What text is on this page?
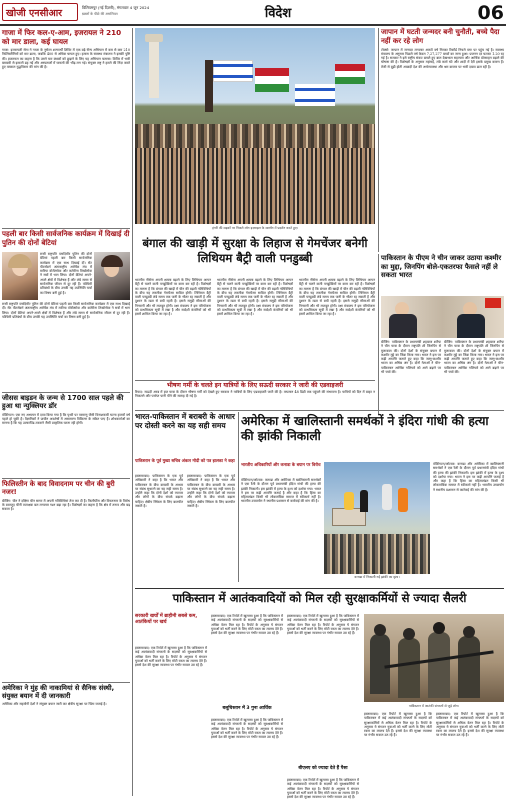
खोजी एनसीआर
विलियमपुर (नई दिल्ली), मंगलवार 4 जून 2024
ख़बरों के पीछे की असलियत	विदेश	06
गाजा में फिर कल-ए-आम, इजरायल ने 210 को मार डाला, कई घायल
गाजा: इजरायली सेना ने गाजा के नुसेरत शरणार्थी शिविर में एक बड़े सैन्य अभियान में कम से कम 210 फिलिस्तीनियों को मार डाला, जबकि 400 से अधिक घायल हुए। हमास के स्वास्थ्य मंत्रालय ने इसकी पुष्टि की। इजरायल का कहना है कि उसने चार बंधकों को छुड़ाने के लिए यह अभियान चलाया। शिविर में भारी बमबारी से इमारतें ढह गईं और अस्पतालों में घायलों की भीड़ लग गई। संयुक्त राष्ट्र ने हमले की निंदा करते हुए तत्काल युद्धविराम की मांग की है।
पहली बार किसी सार्वजनिक कार्यक्रम में दिखाई दी पुतिन की दोनों बेटियां
रूसी राष्ट्रपति व्लादिमीर पुतिन की दोनों बेटियां पहली बार किसी सार्वजनिक कार्यक्रम में एक साथ दिखाई दीं। सेंट पीटर्सबर्ग अंतरराष्ट्रीय आर्थिक मंच में मारिया वोरोंत्सोवा और कतेरीना तिखोनोवा ने सत्रों में भाग लिया। दोनों बेटियां अपने-अपने क्षेत्रों में विशेषज्ञ हैं और लंबे समय से सार्वजनिक जीवन से दूर रही हैं। पश्चिमी प्रतिबंधों के बीच उनकी यह उपस्थिति चर्चा का विषय बनी हुई है।
रूसी राष्ट्रपति व्लादिमीर पुतिन की दोनों बेटियां पहली बार किसी सार्वजनिक कार्यक्रम में एक साथ दिखाई दीं। सेंट पीटर्सबर्ग अंतरराष्ट्रीय आर्थिक मंच में मारिया वोरोंत्सोवा और कतेरीना तिखोनोवा ने सत्रों में भाग लिया। दोनों बेटियां अपने-अपने क्षेत्रों में विशेषज्ञ हैं और लंबे समय से सार्वजनिक जीवन से दूर रही हैं। पश्चिमी प्रतिबंधों के बीच उनकी यह उपस्थिति चर्चा का विषय बनी हुई है।
जीसस बाइडन के जन्म से 1700 साल पहले की हुआ था न्युक्लियर डॉर
वॉशिंगटन: एक नए अध्ययन में दावा किया गया है कि पृथ्वी पर परमाणु जैसी विनाशकारी घटना हजारों वर्ष पहले हो चुकी है। वैज्ञानिकों ने प्राचीन अवशेषों में असामान्य विकिरण के संकेत पाए हैं। शोधकर्ताओं का मानना है कि यह उल्कापिंड टकराने जैसी प्राकृतिक घटना रही होगी।
फिलिस्तीन के बाद विवादनाम पर चीन की बुरी नजर!
बीजिंग: चीन ने दक्षिण चीन सागर में अपनी गतिविधियां तेज कर दी हैं। फिलीपींस और वियतनाम के विरोध के बावजूद चीनी तटरक्षक बल लगातार गश्त बढ़ा रहा है। विशेषज्ञों का कहना है कि क्षेत्र में तनाव और बढ़ सकता है।
अमेरिका ने मुंह की नाकामियां से सैनिक संस्थी, संयुक्त बयान में दी जानकारी
अमेरिका और सहयोगी देशों ने संयुक्त बयान जारी कर क्षेत्रीय सुरक्षा पर चिंता जताई है।
हंगरी की सड़कों पर निकले लोग इज़राइल के समर्थन में प्रदर्शन करते हुए।
जापान में घटती जन्मदर बनी चुनौती, बच्चे पैदा नहीं कर रहे लोग
टोक्यो: जापान में जन्मदर लगातार आठवें वर्ष गिरकर रिकॉर्ड निचले स्तर पर पहुंच गई है। स्वास्थ्य मंत्रालय के अनुसार पिछले वर्ष केवल 7,27,277 बच्चों का जन्म हुआ। प्रजनन दर घटकर 1.20 रह गई है। सरकार ने इसे राष्ट्रीय संकट बताते हुए बाल देखभाल सहायता और आर्थिक प्रोत्साहन बढ़ाने की घोषणा की है। विशेषज्ञों के अनुसार महंगाई, लंबे कार्य घंटे और शादी में देरी इसके प्रमुख कारण हैं। तेजी से बूढ़ी होती आबादी देश की अर्थव्यवस्था और श्रम बाजार पर भारी दबाव डाल रही है।
बंगाल की खाड़ी में सुरक्षा के लिहाज से गेमचेंजर बनेगी लिथियम बैट्री वाली पनडुब्बी
भारतीय नौसेना अपनी क्षमता बढ़ाने के लिए लिथियम आयन बैट्री से चलने वाली पनडुब्बियों पर काम कर रही है। विशेषज्ञों का मानना है कि बंगाल की खाड़ी में चीन की बढ़ती गतिविधियों के बीच यह तकनीक गेमचेंजर साबित होगी। लिथियम बैट्री वाली पनडुब्बी लंबे समय तक पानी के भीतर रह सकती है और दुश्मन के रडार से बची रहती है। इससे समुद्री सीमाओं की निगरानी और भी मजबूत होगी। रक्षा मंत्रालय ने इस परियोजना को प्राथमिकता सूची में रखा है और स्वदेशी कंपनियों को भी इसमें शामिल किया जा रहा है।
भारतीय नौसेना अपनी क्षमता बढ़ाने के लिए लिथियम आयन बैट्री से चलने वाली पनडुब्बियों पर काम कर रही है। विशेषज्ञों का मानना है कि बंगाल की खाड़ी में चीन की बढ़ती गतिविधियों के बीच यह तकनीक गेमचेंजर साबित होगी। लिथियम बैट्री वाली पनडुब्बी लंबे समय तक पानी के भीतर रह सकती है और दुश्मन के रडार से बची रहती है। इससे समुद्री सीमाओं की निगरानी और भी मजबूत होगी। रक्षा मंत्रालय ने इस परियोजना को प्राथमिकता सूची में रखा है और स्वदेशी कंपनियों को भी इसमें शामिल किया जा रहा है।
भारतीय नौसेना अपनी क्षमता बढ़ाने के लिए लिथियम आयन बैट्री से चलने वाली पनडुब्बियों पर काम कर रही है। विशेषज्ञों का मानना है कि बंगाल की खाड़ी में चीन की बढ़ती गतिविधियों के बीच यह तकनीक गेमचेंजर साबित होगी। लिथियम बैट्री वाली पनडुब्बी लंबे समय तक पानी के भीतर रह सकती है और दुश्मन के रडार से बची रहती है। इससे समुद्री सीमाओं की निगरानी और भी मजबूत होगी। रक्षा मंत्रालय ने इस परियोजना को प्राथमिकता सूची में रखा है और स्वदेशी कंपनियों को भी इसमें शामिल किया जा रहा है।
भीषण गर्मी के चलते इन यात्रियों के लिए सऊदी सरकार ने जारी की एडवाइजरी
रियाद: सऊदी अरब में हज यात्रा के दौरान भीषण गर्मी को देखते हुए सरकार ने यात्रियों के लिए एडवाइजरी जारी की है। तापमान 48 डिग्री तक पहुंचने की संभावना है। यात्रियों को दिन में बाहर न निकलने और पर्याप्त पानी पीने की सलाह दी गई है।
पाकिस्तान के पीएम ने चीन जाकर उठाया कश्मीर का मुद्दा, जिनपिंग बोले-एकतरफा फैसले नहीं ले सकता भारत
बीजिंग: पाकिस्तान के प्रधानमंत्री शहबाज शरीफ ने चीन यात्रा के दौरान राष्ट्रपति शी जिनपिंग से मुलाकात की। दोनों देशों के संयुक्त बयान में कश्मीर मुद्दे का जिक्र किया गया। भारत ने इस पर कड़ी आपत्ति जताते हुए कहा कि जम्मू-कश्मीर भारत का अभिन्न अंग है। दोनों नेताओं ने चीन-पाकिस्तान आर्थिक गलियारे को आगे बढ़ाने पर भी चर्चा की।
बीजिंग: पाकिस्तान के प्रधानमंत्री शहबाज शरीफ ने चीन यात्रा के दौरान राष्ट्रपति शी जिनपिंग से मुलाकात की। दोनों देशों के संयुक्त बयान में कश्मीर मुद्दे का जिक्र किया गया। भारत ने इस पर कड़ी आपत्ति जताते हुए कहा कि जम्मू-कश्मीर भारत का अभिन्न अंग है। दोनों नेताओं ने चीन-पाकिस्तान आर्थिक गलियारे को आगे बढ़ाने पर भी चर्चा की।
भारत-पाकिस्तान में बराबरी के आधार पर दोस्ती करने का यह सही समय
पाकिस्तान के पूर्व मुख्य सचिव अंकल मोदी को पत्र झलका ने कहा
इस्लामाबाद: पाकिस्तान के एक पूर्व अधिकारी ने कहा है कि भारत और पाकिस्तान के बीच बराबरी के आधार पर संबंध सुधारने का यह सही समय है। उन्होंने कहा कि दोनों देशों को व्यापार और लोगों के बीच संपर्क बढ़ाना चाहिए। क्षेत्रीय स्थिरता के लिए बातचीत जरूरी है।
इस्लामाबाद: पाकिस्तान के एक पूर्व अधिकारी ने कहा है कि भारत और पाकिस्तान के बीच बराबरी के आधार पर संबंध सुधारने का यह सही समय है। उन्होंने कहा कि दोनों देशों को व्यापार और लोगों के बीच संपर्क बढ़ाना चाहिए। क्षेत्रीय स्थिरता के लिए बातचीत जरूरी है।
अमेरिका में खालिस्तानी समर्थकों ने इंदिरा गांधी की हत्या की झांकी निकाली
भारतीय अधिकारियों और कनाडा के बयान पर विरोध
वॉशिंगटन/ओटावा: कनाडा और अमेरिका में खालिस्तानी समर्थकों ने एक रैली के दौरान पूर्व प्रधानमंत्री इंदिरा गांधी की हत्या की झांकी निकाली। इस झांकी में हत्या के दृश्य को दर्शाया गया। भारत ने इस पर कड़ी आपत्ति जताई है और कहा है कि हिंसा का महिमामंडन किसी भी लोकतांत्रिक समाज में स्वीकार्य नहीं है। भारतीय उच्चायोग ने स्थानीय प्रशासन से कार्रवाई की मांग की है।
वॉशिंगटन/ओटावा: कनाडा और अमेरिका में खालिस्तानी समर्थकों ने एक रैली के दौरान पूर्व प्रधानमंत्री इंदिरा गांधी की हत्या की झांकी निकाली। इस झांकी में हत्या के दृश्य को दर्शाया गया। भारत ने इस पर कड़ी आपत्ति जताई है और कहा है कि हिंसा का महिमामंडन किसी भी लोकतांत्रिक समाज में स्वीकार्य नहीं है। भारतीय उच्चायोग ने स्थानीय प्रशासन से कार्रवाई की मांग की है।
कनाडा में निकाली गई झांकी का दृश्य।
पाकिस्तान में आतंकवादियों को मिल रही सुरक्षाकर्मियों से ज्यादा सैलरी
सरकारी खर्चों में ब्राहीमी सबसे कम, आतंकियों पर खर्च
इस्लामाबाद: एक रिपोर्ट में खुलासा हुआ है कि पाकिस्तान में कई आतंकवादी संगठनों के सदस्यों को सुरक्षाकर्मियों से अधिक वेतन मिल रहा है। रिपोर्ट के अनुसार ये संगठन युवाओं को भर्ती करने के लिए मोटी रकम का लालच देते हैं। इससे देश की सुरक्षा व्यवस्था पर गंभीर सवाल उठ रहे हैं।
इस्लामाबाद: एक रिपोर्ट में खुलासा हुआ है कि पाकिस्तान में कई आतंकवादी संगठनों के सदस्यों को सुरक्षाकर्मियों से अधिक वेतन मिल रहा है। रिपोर्ट के अनुसार ये संगठन युवाओं को भर्ती करने के लिए मोटी रकम का लालच देते हैं। इससे देश की सुरक्षा व्यवस्था पर गंभीर सवाल उठ रहे हैं।
बलूचिस्तान में 3 गुना आर्थिक
इस्लामाबाद: एक रिपोर्ट में खुलासा हुआ है कि पाकिस्तान में कई आतंकवादी संगठनों के सदस्यों को सुरक्षाकर्मियों से अधिक वेतन मिल रहा है। रिपोर्ट के अनुसार ये संगठन युवाओं को भर्ती करने के लिए मोटी रकम का लालच देते हैं। इससे देश की सुरक्षा व्यवस्था पर गंभीर सवाल उठ रहे हैं।
इस्लामाबाद: एक रिपोर्ट में खुलासा हुआ है कि पाकिस्तान में कई आतंकवादी संगठनों के सदस्यों को सुरक्षाकर्मियों से अधिक वेतन मिल रहा है। रिपोर्ट के अनुसार ये संगठन युवाओं को भर्ती करने के लिए मोटी रकम का लालच देते हैं। इससे देश की सुरक्षा व्यवस्था पर गंभीर सवाल उठ रहे हैं।
बीएलए को ज्यादा देते हैं पैसा
इस्लामाबाद: एक रिपोर्ट में खुलासा हुआ है कि पाकिस्तान में कई आतंकवादी संगठनों के सदस्यों को सुरक्षाकर्मियों से अधिक वेतन मिल रहा है। रिपोर्ट के अनुसार ये संगठन युवाओं को भर्ती करने के लिए मोटी रकम का लालच देते हैं। इससे देश की सुरक्षा व्यवस्था पर गंभीर सवाल उठ रहे हैं।
पाकिस्तान में आतंकी संगठनों से जुड़े लोग।
इस्लामाबाद: एक रिपोर्ट में खुलासा हुआ है कि पाकिस्तान में कई आतंकवादी संगठनों के सदस्यों को सुरक्षाकर्मियों से अधिक वेतन मिल रहा है। रिपोर्ट के अनुसार ये संगठन युवाओं को भर्ती करने के लिए मोटी रकम का लालच देते हैं। इससे देश की सुरक्षा व्यवस्था पर गंभीर सवाल उठ रहे हैं।
इस्लामाबाद: एक रिपोर्ट में खुलासा हुआ है कि पाकिस्तान में कई आतंकवादी संगठनों के सदस्यों को सुरक्षाकर्मियों से अधिक वेतन मिल रहा है। रिपोर्ट के अनुसार ये संगठन युवाओं को भर्ती करने के लिए मोटी रकम का लालच देते हैं। इससे देश की सुरक्षा व्यवस्था पर गंभीर सवाल उठ रहे हैं।
